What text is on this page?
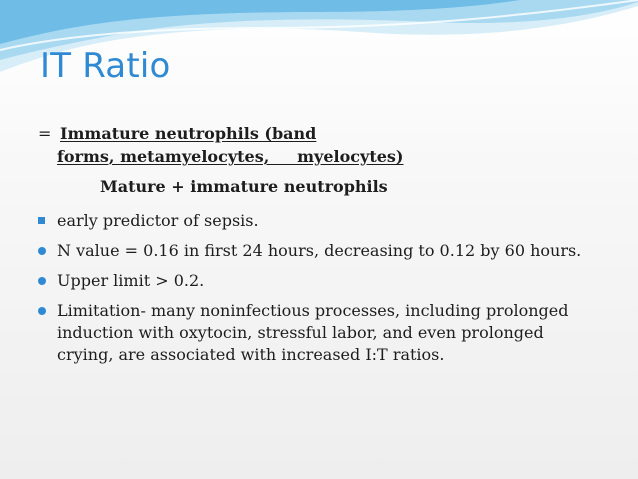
IT Ratio
= Immature neutrophils (band
forms, metamyelocytes,     myelocytes)
Mature + immature neutrophils
early predictor of sepsis.
N value = 0.16 in first 24 hours, decreasing to 0.12 by 60 hours.
Upper limit > 0.2.
Limitation- many noninfectious processes, including prolonged induction with oxytocin, stressful labor, and even prolonged crying, are associated with increased I:T ratios.
